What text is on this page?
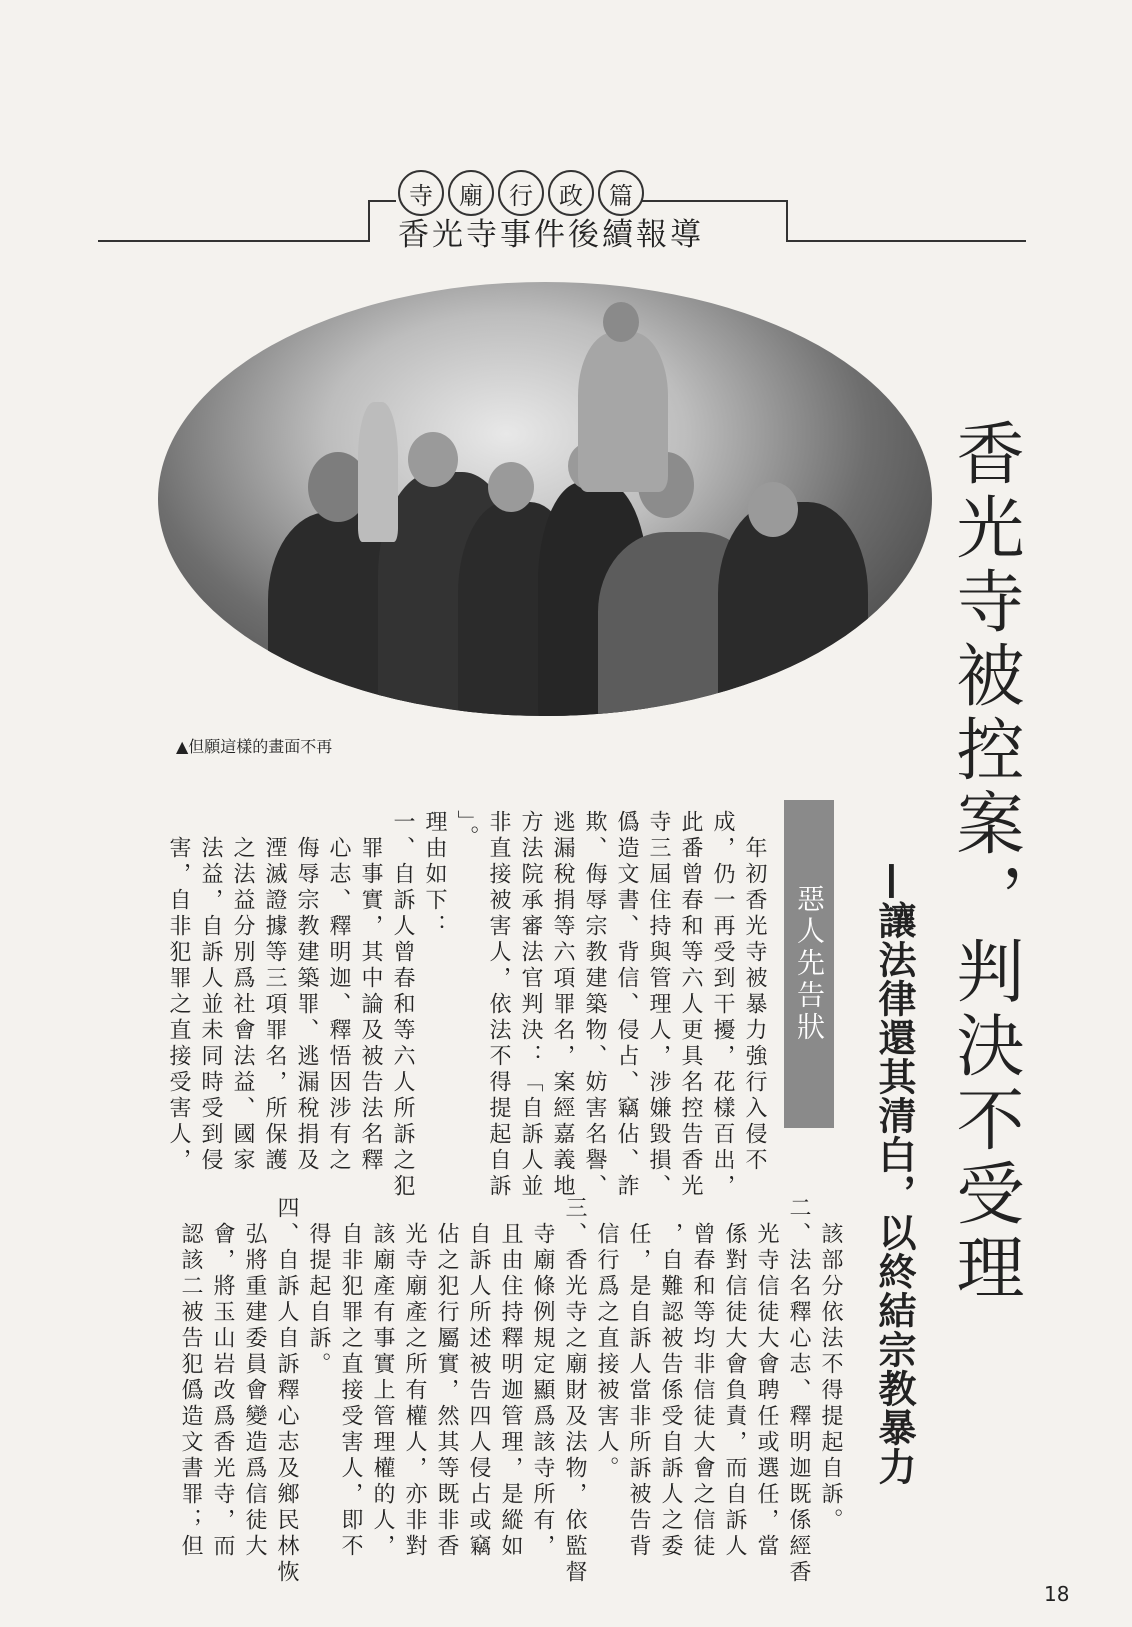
寺	廟	行	政	篇
香光寺事件後續報導
▲但願這樣的畫面不再	香光寺被控案，判決不受理
—讓法律還其清白，以終結宗教暴力
惡人先告狀

　年初香光寺被暴力強行入侵不

成，仍一再受到干擾，花樣百出，

此番曾春和等六人更具名控告香光

寺三屆住持與管理人，涉嫌毀損、

僞造文書、背信、侵占、竊佔、詐

欺、侮辱宗教建築物、妨害名譽、

逃漏稅捐等六項罪名，案經嘉義地

方法院承審法官判決：「自訴人並

非直接被害人，依法不得提起自訴

」。

理由如下：

一、自訴人曾春和等六人所訴之犯

　罪事實，其中論及被告法名釋

　心志、釋明迦、釋悟因涉有之

　侮辱宗教建築罪、逃漏稅捐及

　湮滅證據等三項罪名，所保護

　之法益分別爲社會法益、國家

　法益，自訴人並未同時受到侵

　害，自非犯罪之直接受害人，

　該部分依法不得提起自訴。

二、法名釋心志、釋明迦既係經香

　光寺信徒大會聘任或選任，當

　係對信徒大會負責，而自訴人

　曾春和等均非信徒大會之信徒

　，自難認被告係受自訴人之委

　任，是自訴人當非所訴被告背

　信行爲之直接被害人。

三、香光寺之廟財及法物，依監督

　寺廟條例規定顯爲該寺所有，

　且由住持釋明迦管理，是縱如

　自訴人所述被告四人侵占或竊

　佔之犯行屬實，然其等既非香

　光寺廟產之所有權人，亦非對

　該廟產有事實上管理權的人，

　自非犯罪之直接受害人，即不

　得提起自訴。

四、自訴人自訴釋心志及鄉民林恢

　弘將重建委員會變造爲信徒大

　會，將玉山岩改爲香光寺，而

　認該二被告犯僞造文書罪；但

18
